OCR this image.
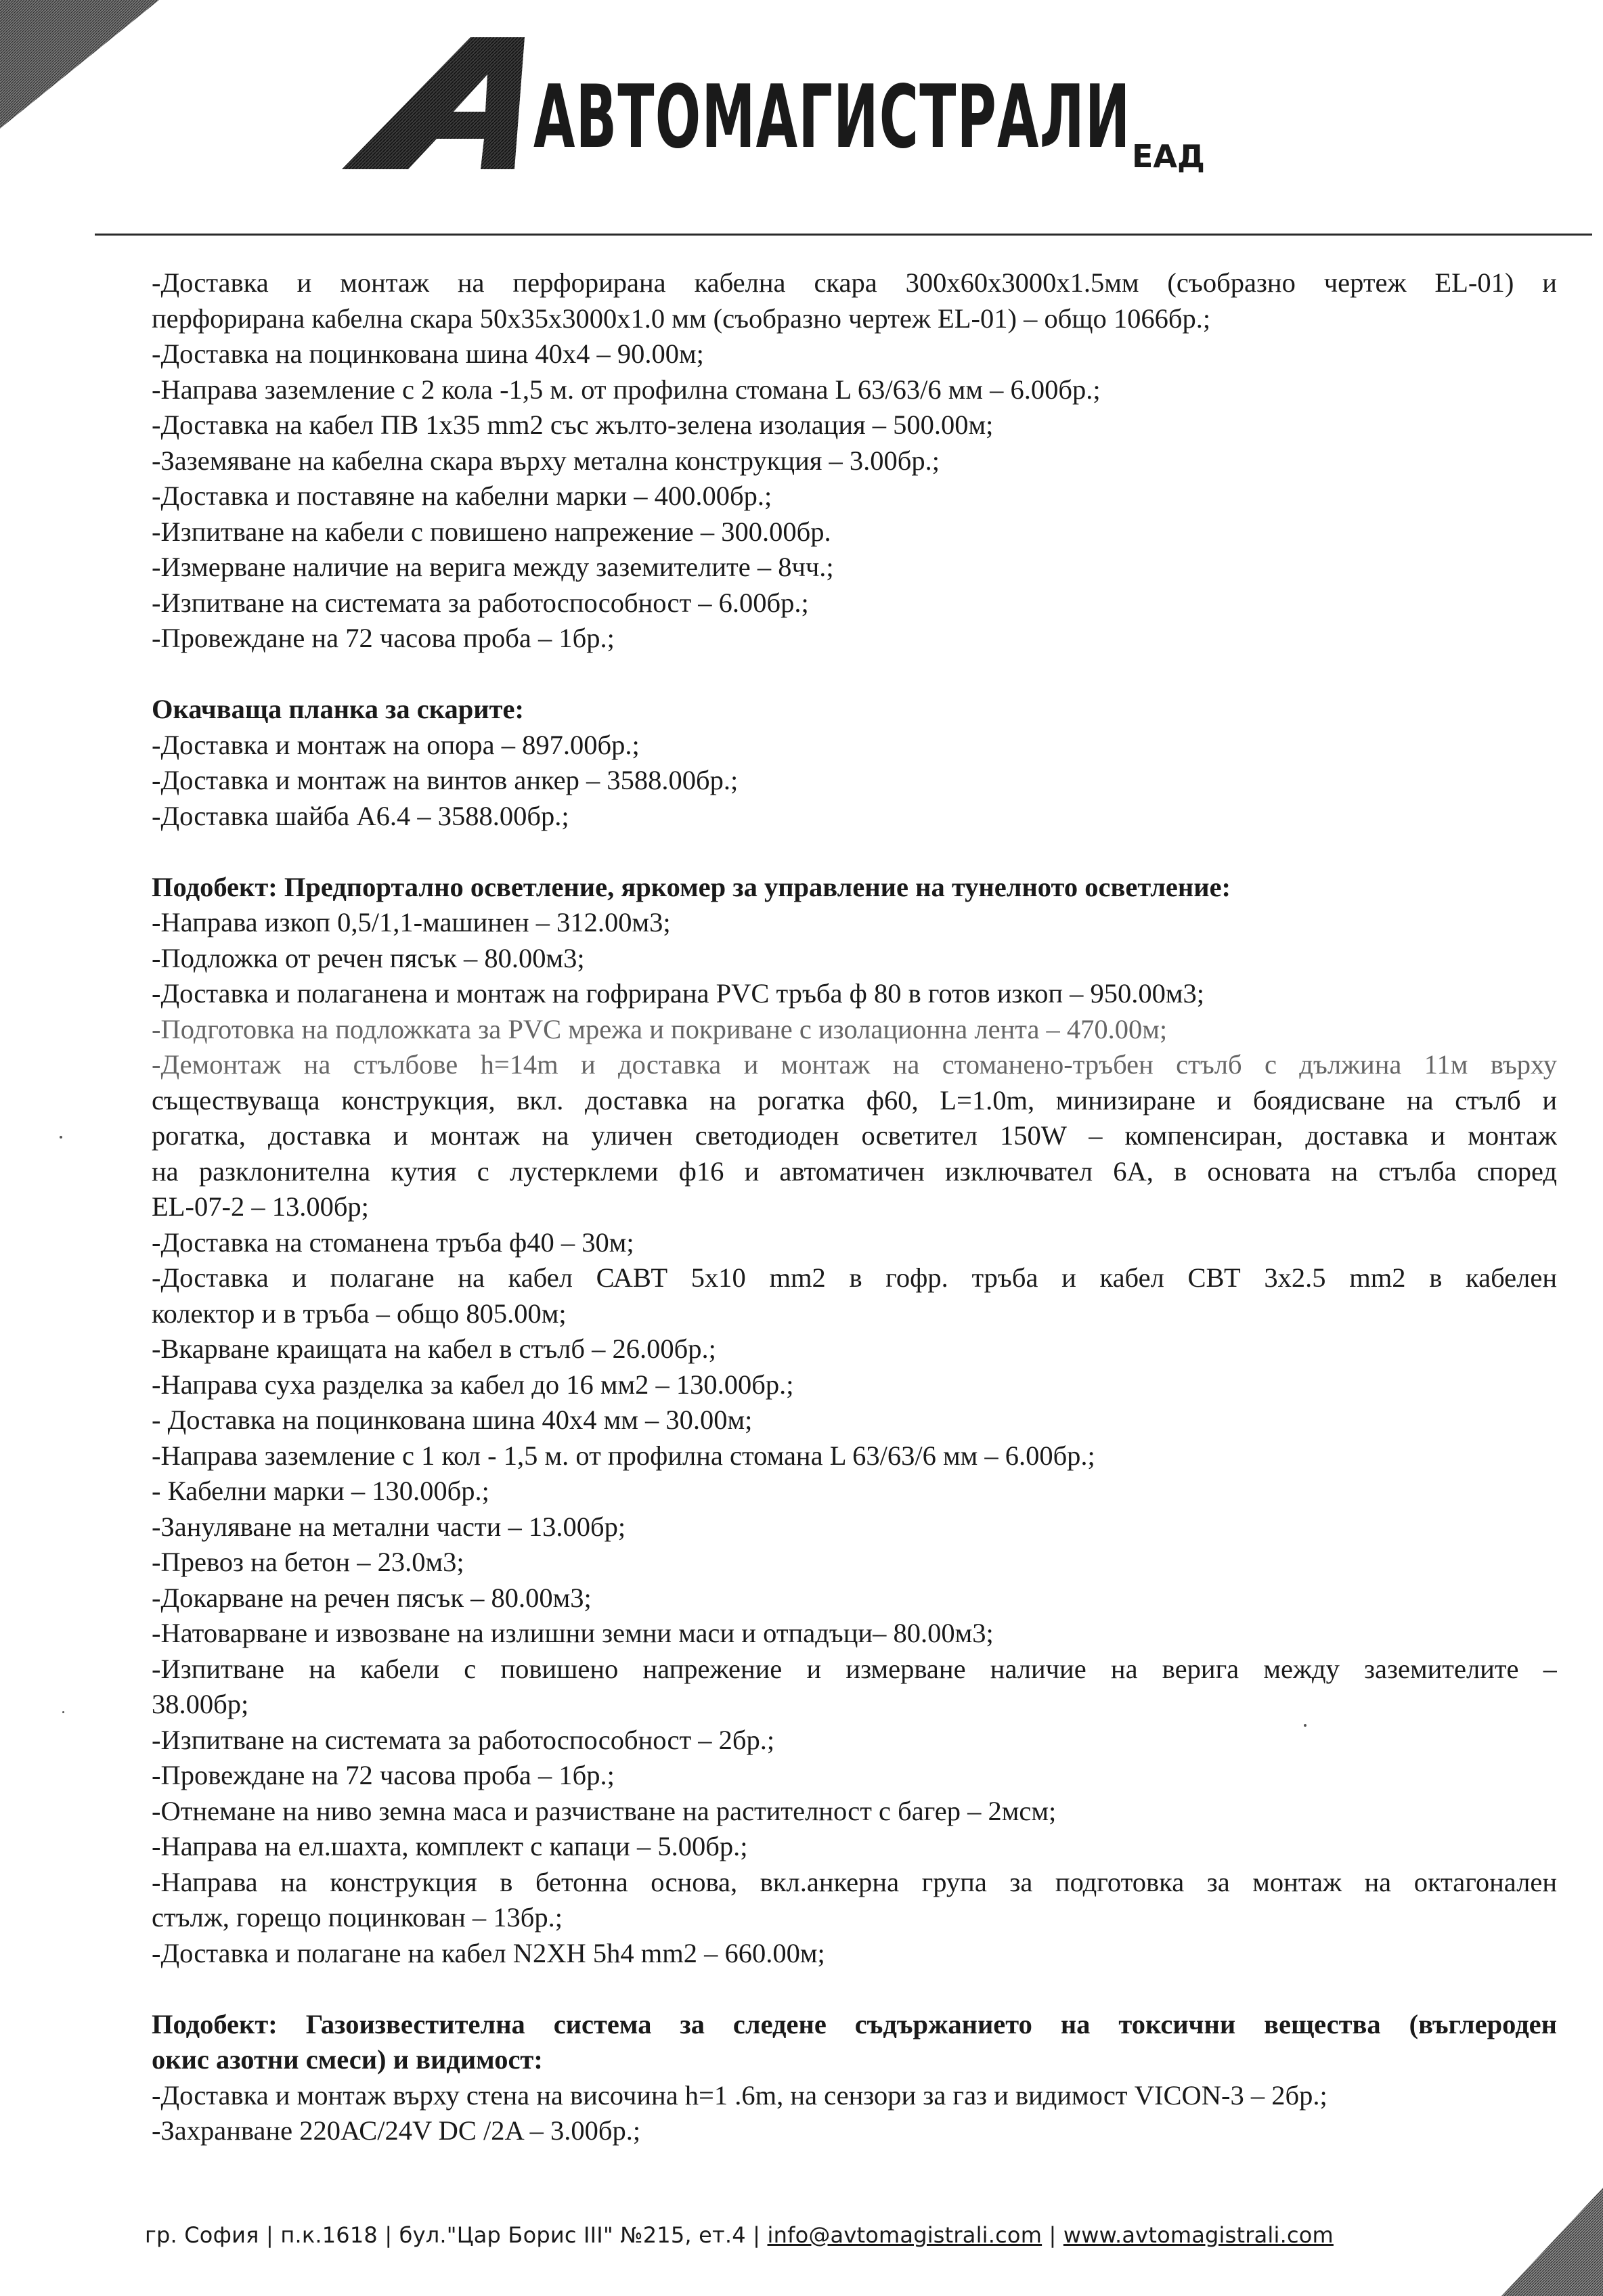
АВТОМАГИСТРАЛИ ЕАД
-Доставка и монтаж на перфорирана кабелна скара 300х60х3000х1.5мм (съобразно чертеж EL-01) и
перфорирана кабелна скара 50х35х3000х1.0 мм (съобразно чертеж EL-01) – общо 1066бр.;
-Доставка на поцинкована шина 40х4 – 90.00м;
-Направа заземление с 2 кола -1,5 м. от профилна стомана L 63/63/6 мм – 6.00бр.;
-Доставка на кабел ПВ 1х35 mm2 със жълто-зелена изолация – 500.00м;
-Заземяване на кабелна скара върху метална конструкция – 3.00бр.;
-Доставка и поставяне на кабелни марки – 400.00бр.;
-Изпитване на кабели с повишено напрежение – 300.00бр.
-Измерване наличие на верига между заземителите – 8чч.;
-Изпитване на системата за работоспособност – 6.00бр.;
-Провеждане на 72 часова проба – 1бр.;
Окачваща планка за скарите:
-Доставка и монтаж на опора – 897.00бр.;
-Доставка и монтаж на винтов анкер – 3588.00бр.;
-Доставка шайба А6.4 – 3588.00бр.;
Подобект: Предпортално осветление, яркомер за управление на тунелното осветление:
-Направа изкоп 0,5/1,1-машинен – 312.00м3;
-Подложка от речен пясък – 80.00м3;
-Доставка и полаганена и монтаж на гофрирана PVC тръба ф 80 в готов изкоп – 950.00м3;
-Подготовка на подложката за PVC мрежа и покриване с изолационна лента – 470.00м;
-Демонтаж на стълбове h=14m и доставка и монтаж на стоманено-тръбен стълб с дължина 11м върху
съществуваща конструкция, вкл. доставка на рогатка ф60, L=1.0m, минизиране и боядисване на стълб и
рогатка, доставка и монтаж на уличен светодиоден осветител 150W – компенсиран, доставка и монтаж
на разклонителна кутия с лустерклеми ф16 и автоматичен изключвател 6А, в основата на стълба според
EL-07-2 – 13.00бр;
-Доставка на стоманена тръба ф40 – 30м;
-Доставка и полагане на кабел САВТ 5х10 mm2 в гофр. тръба и кабел СВТ 3х2.5 mm2 в кабелен
колектор и в тръба – общо 805.00м;
-Вкарване краищата на кабел в стълб – 26.00бр.;
-Направа суха разделка за кабел до 16 мм2 – 130.00бр.;
- Доставка на поцинкована шина 40х4 мм – 30.00м;
-Направа заземление с 1 кол - 1,5 м. от профилна стомана L 63/63/6 мм – 6.00бр.;
- Кабелни марки – 130.00бр.;
-Зануляване на метални части – 13.00бр;
-Превоз на бетон – 23.0м3;
-Докарване на речен пясък – 80.00м3;
-Натоварване и извозване на излишни земни маси и отпадъци– 80.00м3;
-Изпитване на кабели с повишено напрежение и измерване наличие на верига между заземителите –
38.00бр;
-Изпитване на системата за работоспособност – 2бр.;
-Провеждане на 72 часова проба – 1бр.;
-Отнемане на ниво земна маса и разчистване на растителност с багер – 2мсм;
-Направа на ел.шахта, комплект с капаци – 5.00бр.;
-Направа на конструкция в бетонна основа, вкл.анкерна група за подготовка за монтаж на октагонален
стълж, горещо поцинкован – 13бр.;
-Доставка и полагане на кабел N2XH 5h4 mm2 – 660.00м;
Подобект: Газоизвестителна система за следене съдържанието на токсични вещества (въглероден
окис азотни смеси) и видимост:
-Доставка и монтаж върху стена на височина h=1 .6m, на сензори за газ и видимост VICON-3 – 2бр.;
-Захранване 220АС/24V DC /2A – 3.00бр.;
гр. София | п.к.1618 | бул."Цар Борис III" №215, ет.4 | info@avtomagistrali.com | www.avtomagistrali.com
